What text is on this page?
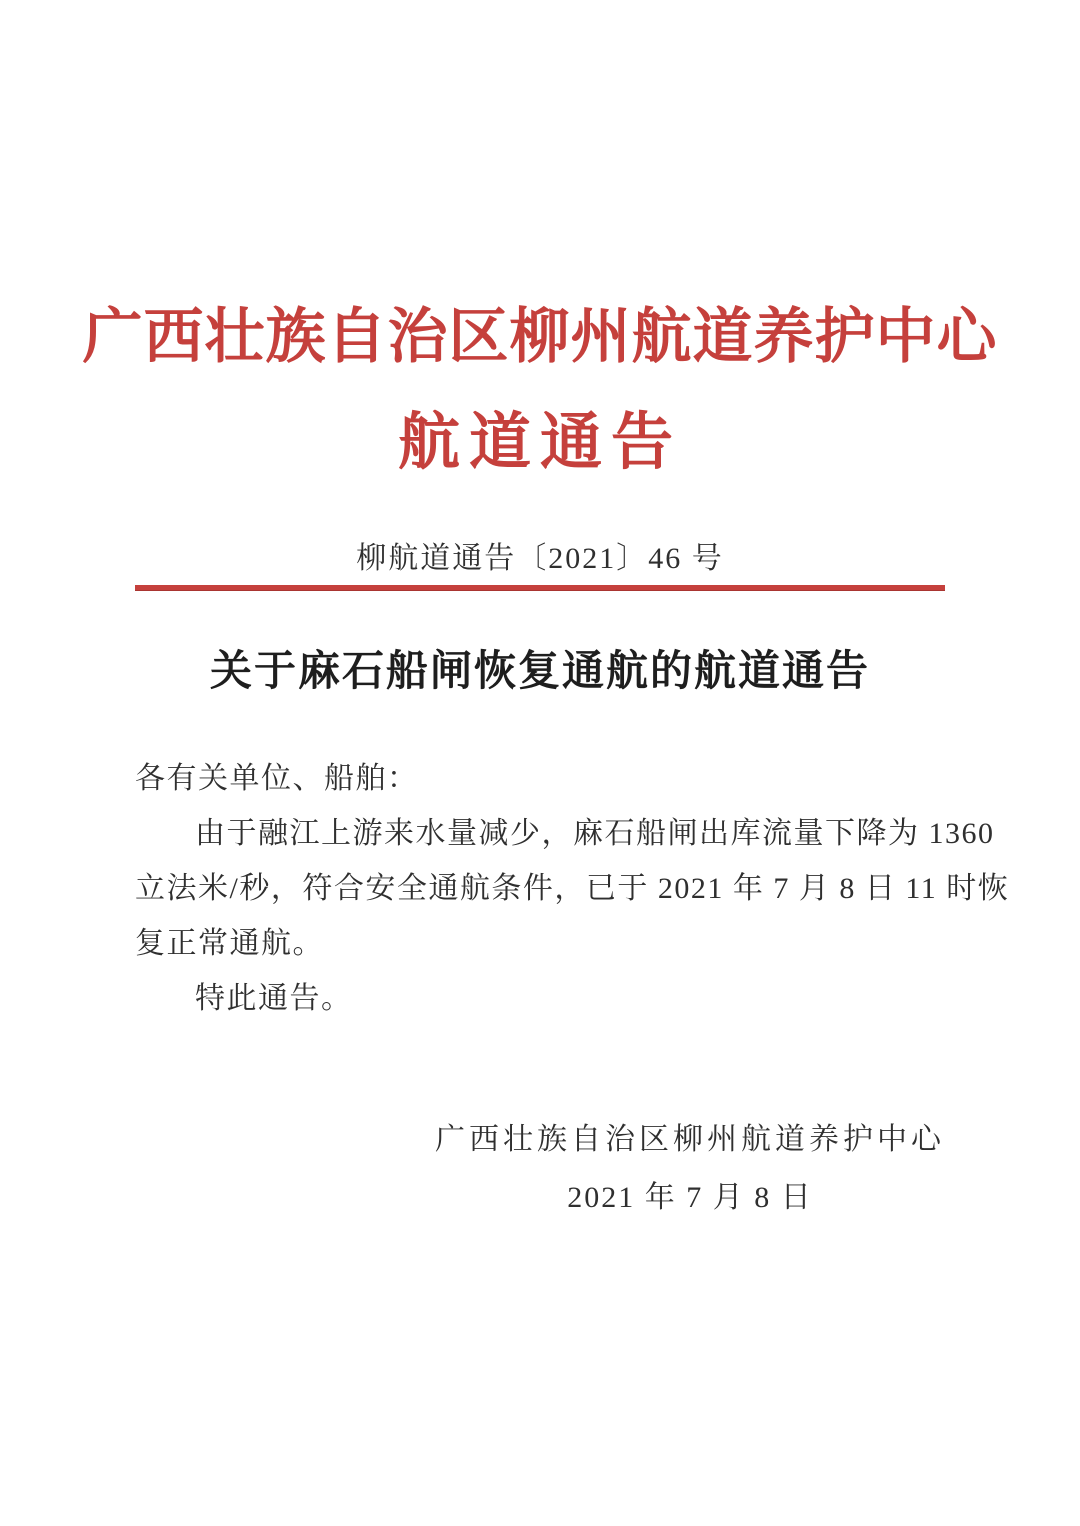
广西壮族自治区柳州航道养护中心
航道通告
柳航道通告〔2021〕46 号
关于麻石船闸恢复通航的航道通告

各有关单位、船舶：

由于融江上游来水量减少，麻石船闸出库流量下降为 1360

立法米/秒，符合安全通航条件，已于 2021 年 7 月 8 日 11 时恢

复正常通航。

特此通告。

广西壮族自治区柳州航道养护中心
2021 年 7 月 8 日
